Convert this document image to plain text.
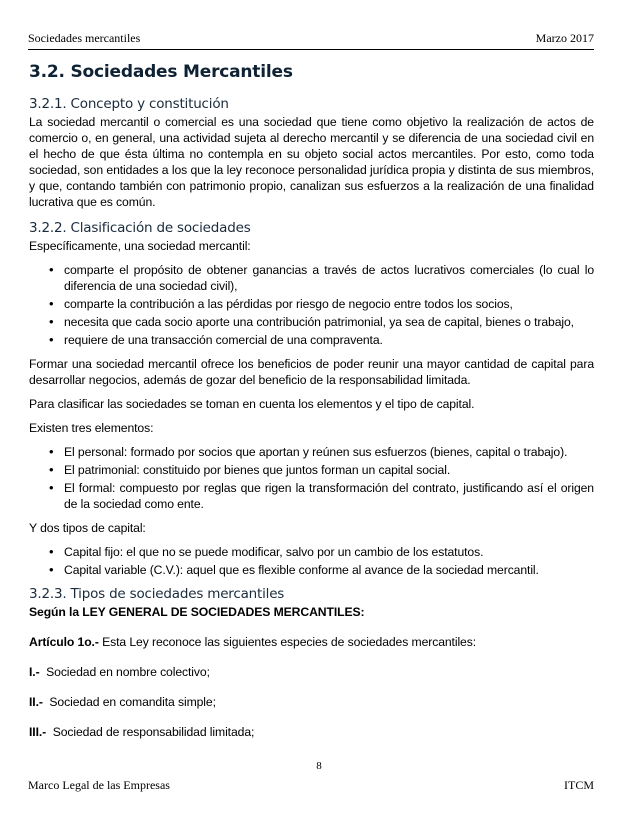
Sociedades mercantiles	Marzo 2017
3.2. Sociedades Mercantiles
3.2.1. Concepto y constitución

La sociedad mercantil o comercial es una sociedad que tiene como objetivo la realización de actos de comercio o, en general, una actividad sujeta al derecho mercantil y se diferencia de una sociedad civil en el hecho de que ésta última no contempla en su objeto social actos mercantiles. Por esto, como toda sociedad, son entidades a los que la ley reconoce personalidad jurídica propia y distinta de sus miembros, y que, contando también con patrimonio propio, canalizan sus esfuerzos a la realización de una finalidad lucrativa que es común.

3.2.2. Clasificación de sociedades

Específicamente, una sociedad mercantil:

• comparte el propósito de obtener ganancias a través de actos lucrativos comerciales (lo cual lo diferencia de una sociedad civil),
• comparte la contribución a las pérdidas por riesgo de negocio entre todos los socios,
• necesita que cada socio aporte una contribución patrimonial, ya sea de capital, bienes o trabajo,
• requiere de una transacción comercial de una compraventa.

Formar una sociedad mercantil ofrece los beneficios de poder reunir una mayor cantidad de capital para desarrollar negocios, además de gozar del beneficio de la responsabilidad limitada.

Para clasificar las sociedades se toman en cuenta los elementos y el tipo de capital.

Existen tres elementos:

• El personal: formado por socios que aportan y reúnen sus esfuerzos (bienes, capital o trabajo).
• El patrimonial: constituido por bienes que juntos forman un capital social.
• El formal: compuesto por reglas que rigen la transformación del contrato, justificando así el origen de la sociedad como ente.

Y dos tipos de capital:

• Capital fijo: el que no se puede modificar, salvo por un cambio de los estatutos.
• Capital variable (C.V.): aquel que es flexible conforme al avance de la sociedad mercantil.
3.2.3. Tipos de sociedades mercantiles

Según la LEY GENERAL DE SOCIEDADES MERCANTILES:

Artículo 1o.- Esta Ley reconoce las siguientes especies de sociedades mercantiles:

I.- Sociedad en nombre colectivo;

II.- Sociedad en comandita simple;

III.- Sociedad de responsabilidad limitada;

8
Marco Legal de las Empresas	ITCM
